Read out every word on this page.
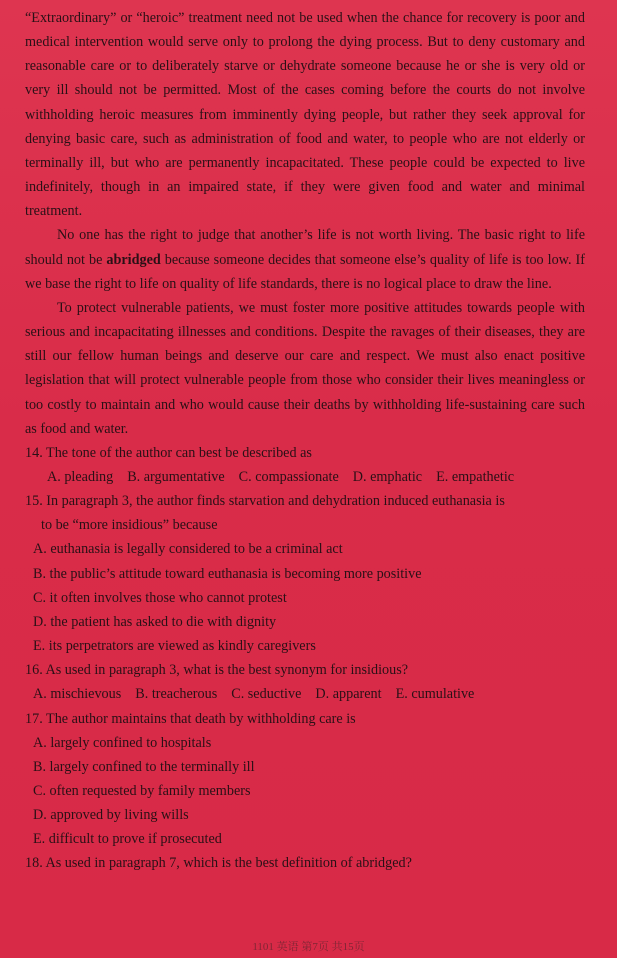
“Extraordinary” or “heroic” treatment need not be used when the chance for recovery is poor and medical intervention would serve only to prolong the dying process. But to deny customary and reasonable care or to deliberately starve or dehydrate someone because he or she is very old or very ill should not be permitted. Most of the cases coming before the courts do not involve withholding heroic measures from imminently dying people, but rather they seek approval for denying basic care, such as administration of food and water, to people who are not elderly or terminally ill, but who are permanently incapacitated. These people could be expected to live indefinitely, though in an impaired state, if they were given food and water and minimal treatment.

No one has the right to judge that another’s life is not worth living. The basic right to life should not be abridged because someone decides that someone else’s quality of life is too low. If we base the right to life on quality of life standards, there is no logical place to draw the line.

To protect vulnerable patients, we must foster more positive attitudes towards people with serious and incapacitating illnesses and conditions. Despite the ravages of their diseases, they are still our fellow human beings and deserve our care and respect. We must also enact positive legislation that will protect vulnerable people from those who consider their lives meaningless or too costly to maintain and who would cause their deaths by withholding life-sustaining care such as food and water.

14. The tone of the author can best be described as
A. pleading B. argumentative C. compassionate D. emphatic E. empathetic
15. In paragraph 3, the author finds starvation and dehydration induced euthanasia is
to be “more insidious” because
A. euthanasia is legally considered to be a criminal act
B. the public’s attitude toward euthanasia is becoming more positive
C. it often involves those who cannot protest
D. the patient has asked to die with dignity
E. its perpetrators are viewed as kindly caregivers
16. As used in paragraph 3, what is the best synonym for insidious?
A. mischievous B. treacherous C. seductive D. apparent E. cumulative
17. The author maintains that death by withholding care is
A. largely confined to hospitals
B. largely confined to the terminally ill
C. often requested by family members
D. approved by living wills
E. difficult to prove if prosecuted
18. As used in paragraph 7, which is the best definition of abridged?
1101 英语 第7页 共15页
